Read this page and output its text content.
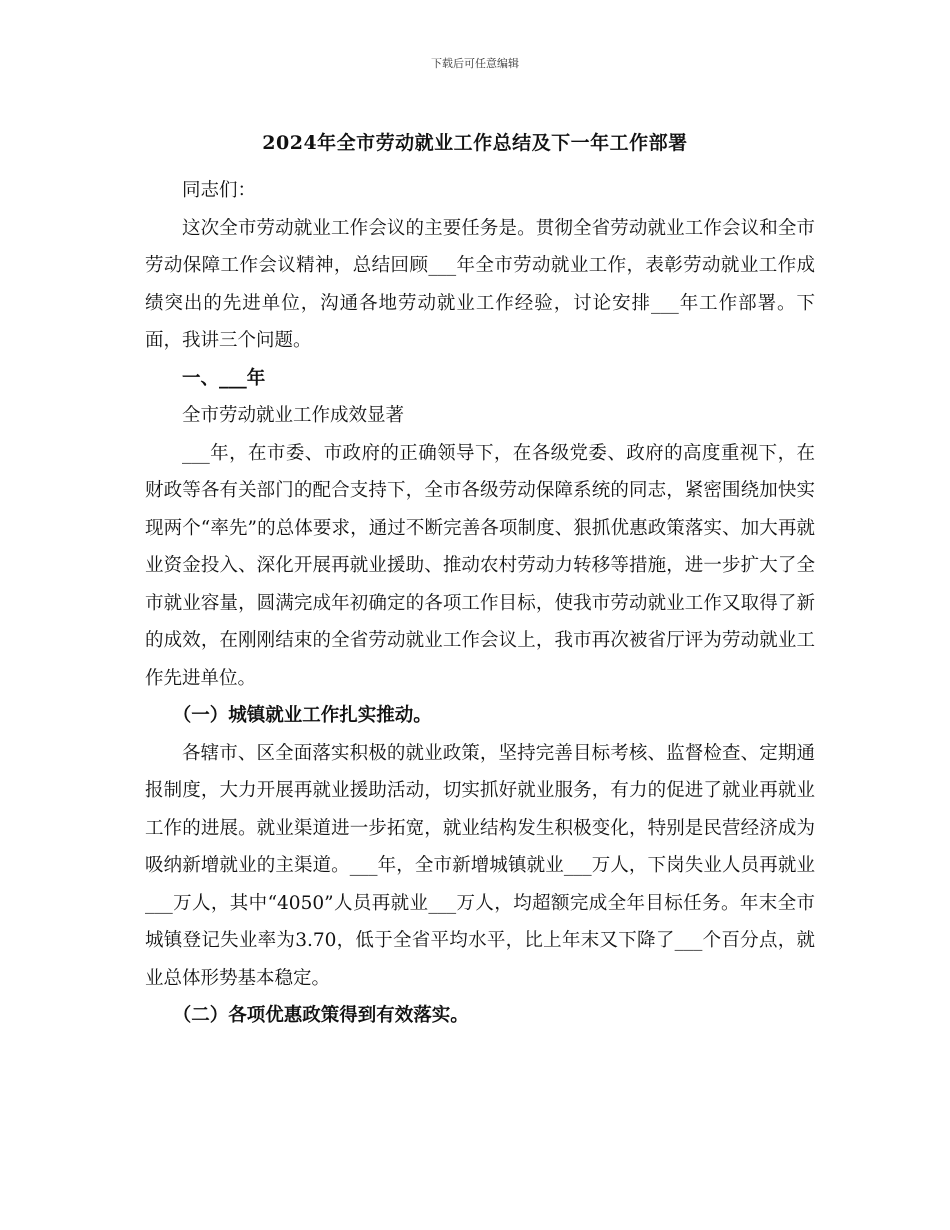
下载后可任意编辑
2024年全市劳动就业工作总结及下一年工作部署

同志们：

这次全市劳动就业工作会议的主要任务是。贯彻全省劳动就业工作会议和全市劳动保障工作会议精神，总结回顾___年全市劳动就业工作，表彰劳动就业工作成绩突出的先进单位，沟通各地劳动就业工作经验，讨论安排___年工作部署。下面，我讲三个问题。

一、___年

全市劳动就业工作成效显著

___年，在市委、市政府的正确领导下，在各级党委、政府的高度重视下，在财政等各有关部门的配合支持下，全市各级劳动保障系统的同志，紧密围绕加快实现两个“率先”的总体要求，通过不断完善各项制度、狠抓优惠政策落实、加大再就业资金投入、深化开展再就业援助、推动农村劳动力转移等措施，进一步扩大了全市就业容量，圆满完成年初确定的各项工作目标，使我市劳动就业工作又取得了新的成效，在刚刚结束的全省劳动就业工作会议上，我市再次被省厅评为劳动就业工作先进单位。

（一）城镇就业工作扎实推动。

各辖市、区全面落实积极的就业政策，坚持完善目标考核、监督检查、定期通报制度，大力开展再就业援助活动，切实抓好就业服务，有力的促进了就业再就业工作的进展。就业渠道进一步拓宽，就业结构发生积极变化，特别是民营经济成为吸纳新增就业的主渠道。___年，全市新增城镇就业___万人，下岗失业人员再就业___万人，其中“4050”人员再就业___万人，均超额完成全年目标任务。年末全市城镇登记失业率为3.70，低于全省平均水平，比上年末又下降了___个百分点，就业总体形势基本稳定。

（二）各项优惠政策得到有效落实。
